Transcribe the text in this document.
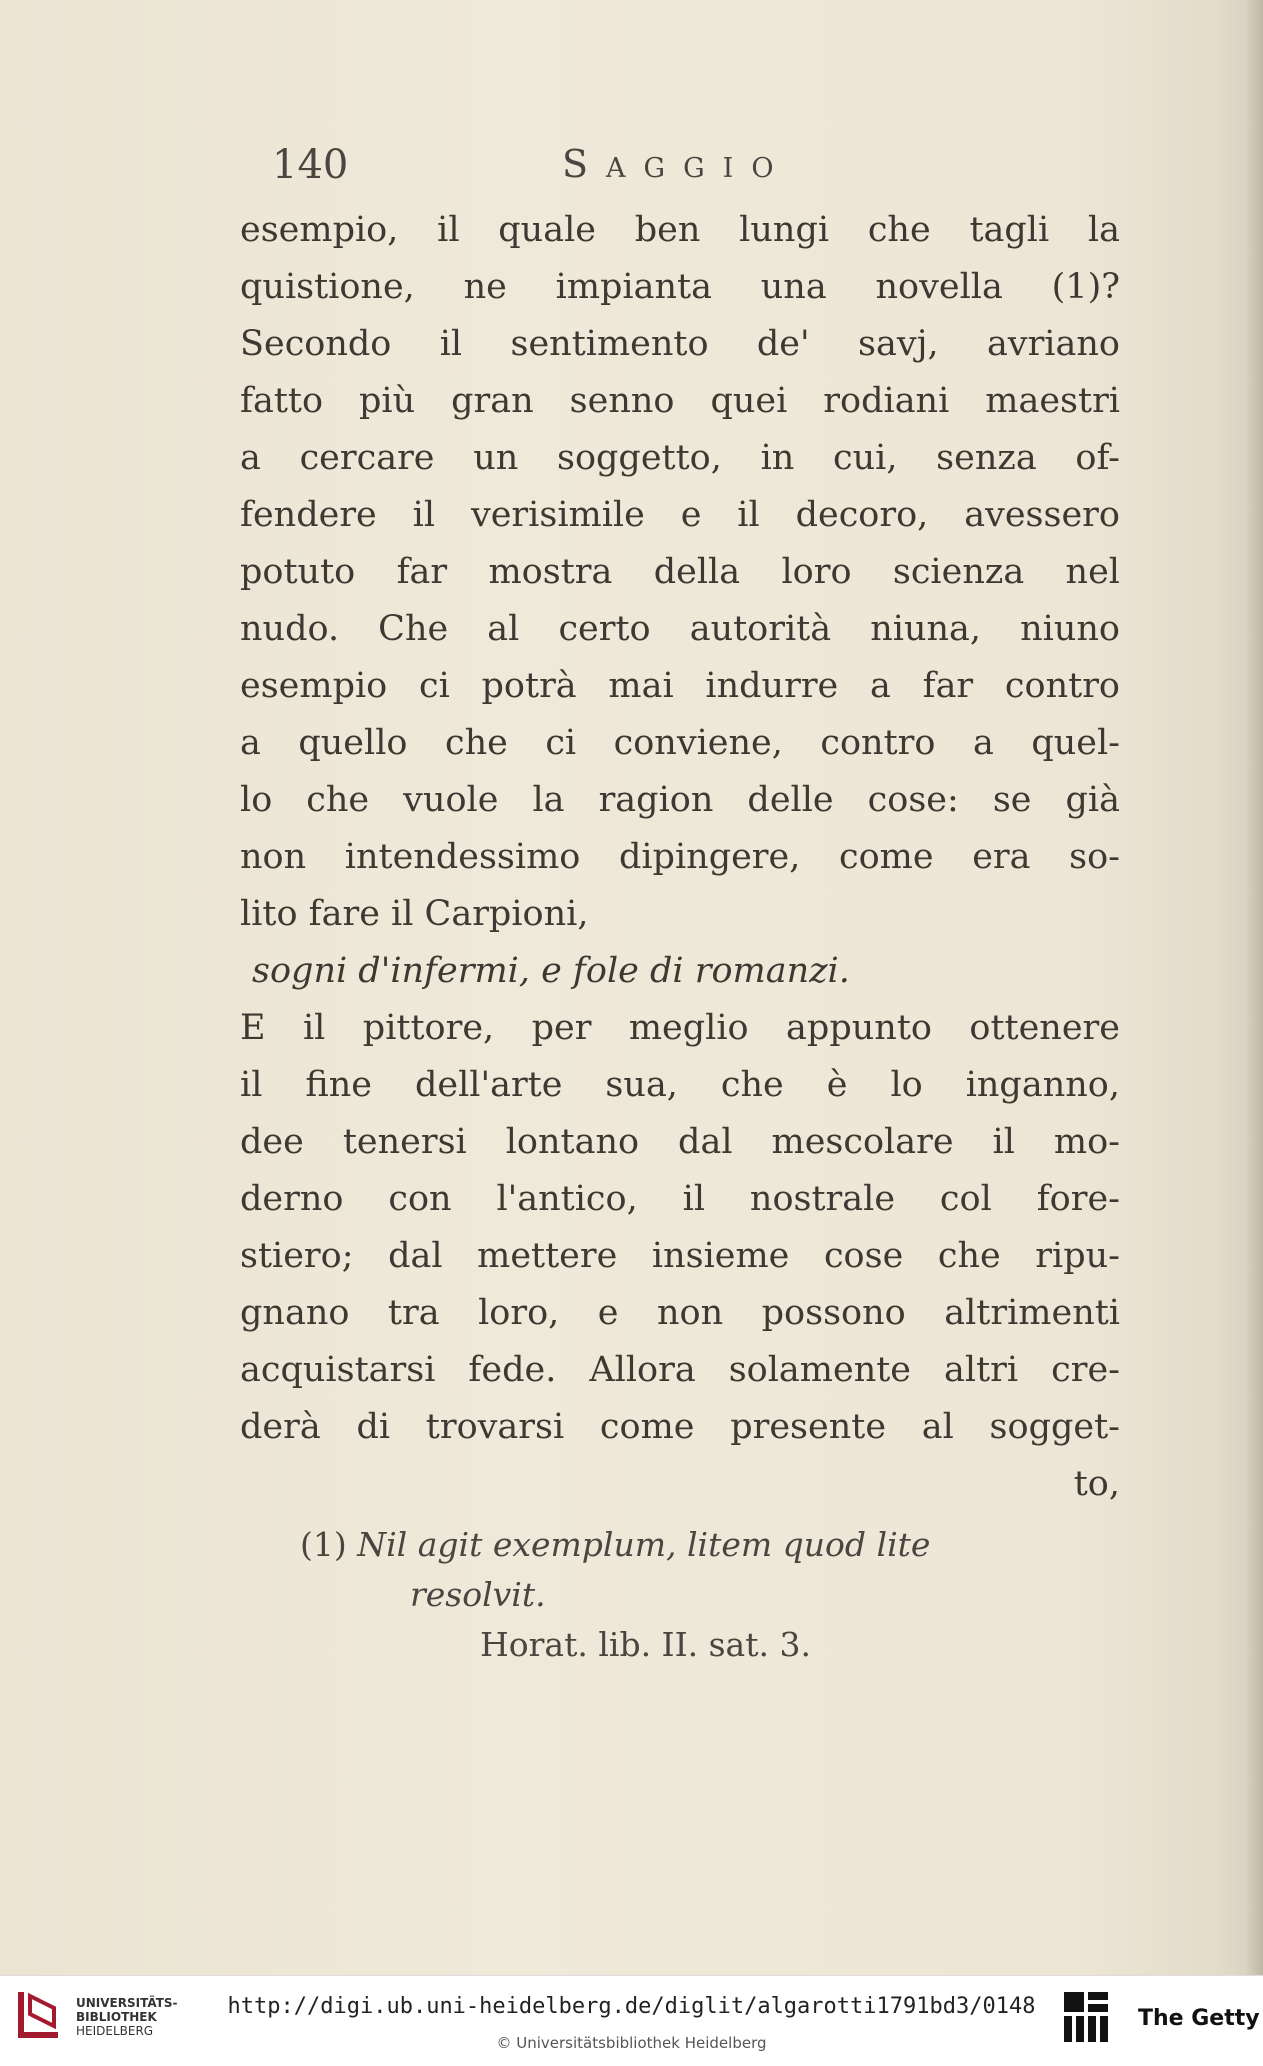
140	Saggio
esempio, il quale ben lungi che tagli la
quistione, ne impianta una novella (1)?
Secondo il sentimento de' savj, avriano
fatto più gran senno quei rodiani maestri
a cercare un soggetto, in cui, senza of-
fendere il verisimile e il decoro, avessero
potuto far mostra della loro scienza nel
nudo. Che al certo autorità niuna, niuno
esempio ci potrà mai indurre a far contro
a quello che ci conviene, contro a quel-
lo che vuole la ragion delle cose: se già
non intendessimo dipingere, come era so-
lito fare il Carpioni,
sogni d'infermi, e fole di romanzi.
E il pittore, per meglio appunto ottenere
il fine dell'arte sua, che è lo inganno,
dee tenersi lontano dal mescolare il mo-
derno con l'antico, il nostrale col fore-
stiero; dal mettere insieme cose che ripu-
gnano tra loro, e non possono altrimenti
acquistarsi fede. Allora solamente altri cre-
derà di trovarsi come presente al sogget-
to,
(1) Nil agit exemplum, litem quod lite
resolvit.
Horat. lib. II. sat. 3.
UNIVERSITÄTS-
BIBLIOTHEK
HEIDELBERG
http://digi.ub.uni-heidelberg.de/diglit/algarotti1791bd3/0148
© Universitätsbibliothek Heidelberg
The Getty
